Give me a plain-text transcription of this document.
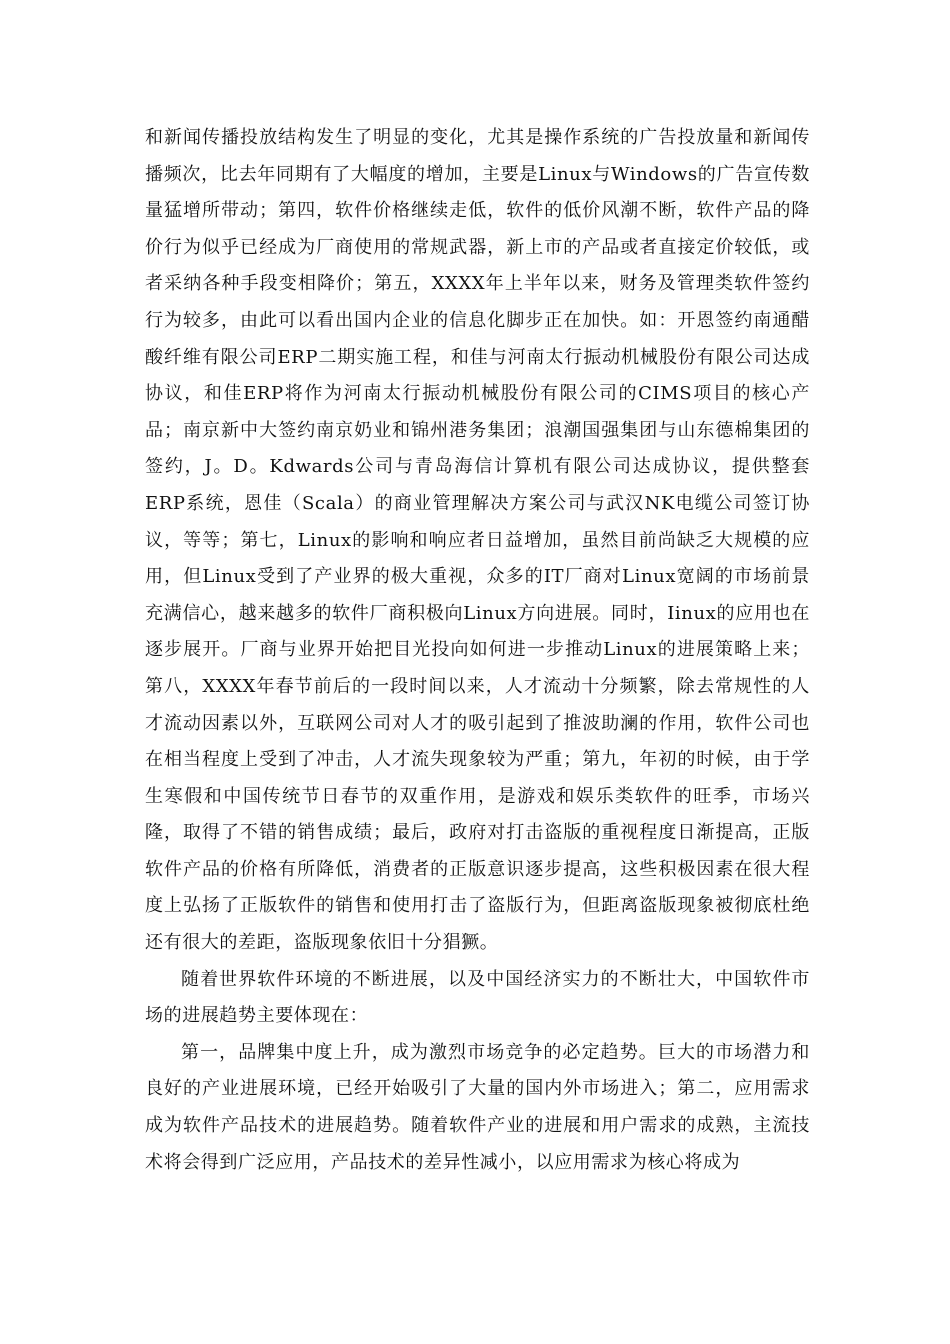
和新闻传播投放结构发生了明显的变化，尤其是操作系统的广告投放量和新闻传播频次，比去年同期有了大幅度的增加，主要是Linux与Windows的广告宣传数量猛增所带动；第四，软件价格继续走低，软件的低价风潮不断，软件产品的降价行为似乎已经成为厂商使用的常规武器，新上市的产品或者直接定价较低，或者采纳各种手段变相降价；第五，XXXX年上半年以来，财务及管理类软件签约行为较多，由此可以看出国内企业的信息化脚步正在加快。如：开恩签约南通醋酸纤维有限公司ERP二期实施工程，和佳与河南太行振动机械股份有限公司达成协议，和佳ERP将作为河南太行振动机械股份有限公司的CIMS项目的核心产品；南京新中大签约南京奶业和锦州港务集团；浪潮国强集团与山东德棉集团的签约，J。D。Kdwards公司与青岛海信计算机有限公司达成协议，提供整套ERP系统，恩佳（Scala）的商业管理解决方案公司与武汉NK电缆公司签订协议，等等；第七，Linux的影响和响应者日益增加，虽然目前尚缺乏大规模的应用，但Linux受到了产业界的极大重视，众多的IT厂商对Linux宽阔的市场前景充满信心，越来越多的软件厂商积极向Linux方向进展。同时，Iinux的应用也在逐步展开。厂商与业界开始把目光投向如何进一步推动Linux的进展策略上来；第八，XXXX年春节前后的一段时间以来，人才流动十分频繁，除去常规性的人才流动因素以外，互联网公司对人才的吸引起到了推波助澜的作用，软件公司也在相当程度上受到了冲击，人才流失现象较为严重；第九，年初的时候，由于学生寒假和中国传统节日春节的双重作用，是游戏和娱乐类软件的旺季，市场兴隆，取得了不错的销售成绩；最后，政府对打击盗版的重视程度日渐提高，正版软件产品的价格有所降低，消费者的正版意识逐步提高，这些积极因素在很大程度上弘扬了正版软件的销售和使用打击了盗版行为，但距离盗版现象被彻底杜绝还有很大的差距，盗版现象依旧十分猖獗。

随着世界软件环境的不断进展，以及中国经济实力的不断壮大，中国软件市场的进展趋势主要体现在：

第一，品牌集中度上升，成为激烈市场竞争的必定趋势。巨大的市场潜力和良好的产业进展环境，已经开始吸引了大量的国内外市场进入；第二，应用需求成为软件产品技术的进展趋势。随着软件产业的进展和用户需求的成熟，主流技术将会得到广泛应用，产品技术的差异性减小，以应用需求为核心将成为
